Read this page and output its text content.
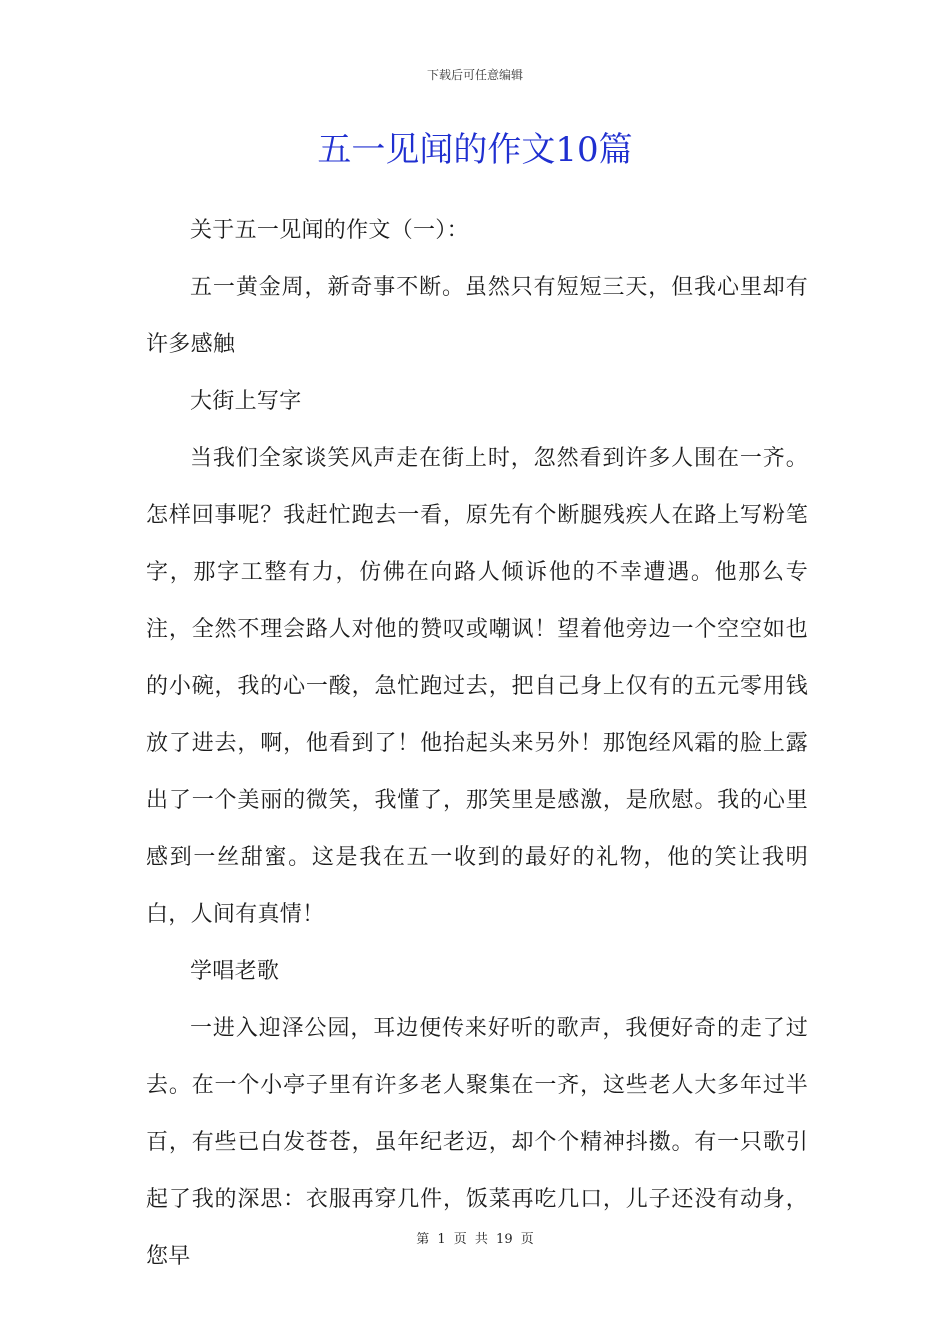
下载后可任意编辑
五一见闻的作文10篇

关于五一见闻的作文（一）：

五一黄金周，新奇事不断。虽然只有短短三天，但我心里却有许多感触

大街上写字

当我们全家谈笑风声走在街上时，忽然看到许多人围在一齐。怎样回事呢？我赶忙跑去一看，原先有个断腿残疾人在路上写粉笔字，那字工整有力，仿佛在向路人倾诉他的不幸遭遇。他那么专注，全然不理会路人对他的赞叹或嘲讽！望着他旁边一个空空如也的小碗，我的心一酸，急忙跑过去，把自己身上仅有的五元零用钱放了进去，啊，他看到了！他抬起头来另外！那饱经风霜的脸上露出了一个美丽的微笑，我懂了，那笑里是感激，是欣慰。我的心里感到一丝甜蜜。这是我在五一收到的最好的礼物，他的笑让我明白，人间有真情！

学唱老歌

一进入迎泽公园，耳边便传来好听的歌声，我便好奇的走了过去。在一个小亭子里有许多老人聚集在一齐，这些老人大多年过半百，有些已白发苍苍，虽年纪老迈，却个个精神抖擞。有一只歌引起了我的深思：衣服再穿几件，饭菜再吃几口，儿子还没有动身，您早

第 1 页 共 19 页
